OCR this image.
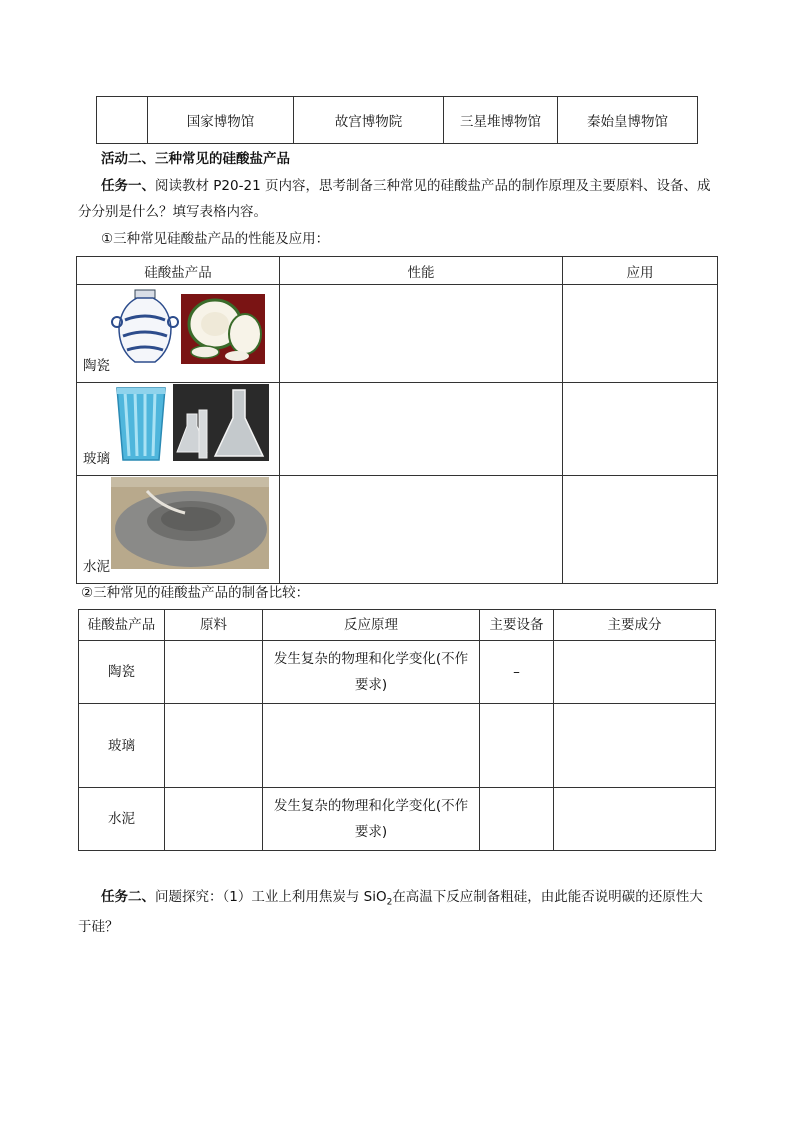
	国家博物馆	故宫博物院	三星堆博物馆	秦始皇博物馆
活动二、三种常见的硅酸盐产品
任务一、阅读教材 P20-21 页内容，思考制备三种常见的硅酸盐产品的制作原理及主要原料、设备、成
分分别是什么？填写表格内容。
①三种常见硅酸盐产品的性能及应用：
硅酸盐产品	性能	应用

陶瓷		

玻璃		

水泥		

②三种常见的硅酸盐产品的制备比较：
硅酸盐产品	原料	反应原理	主要设备	主要成分
陶瓷		发生复杂的物理和化学变化(不作
要求)	–	
玻璃		

水泥		发生复杂的物理和化学变化(不作
要求)		

任务二、问题探究：（1）工业上利用焦炭与 SiO$_2$在高温下反应制备粗硅，由此能否说明碳的还原性大
于硅？
